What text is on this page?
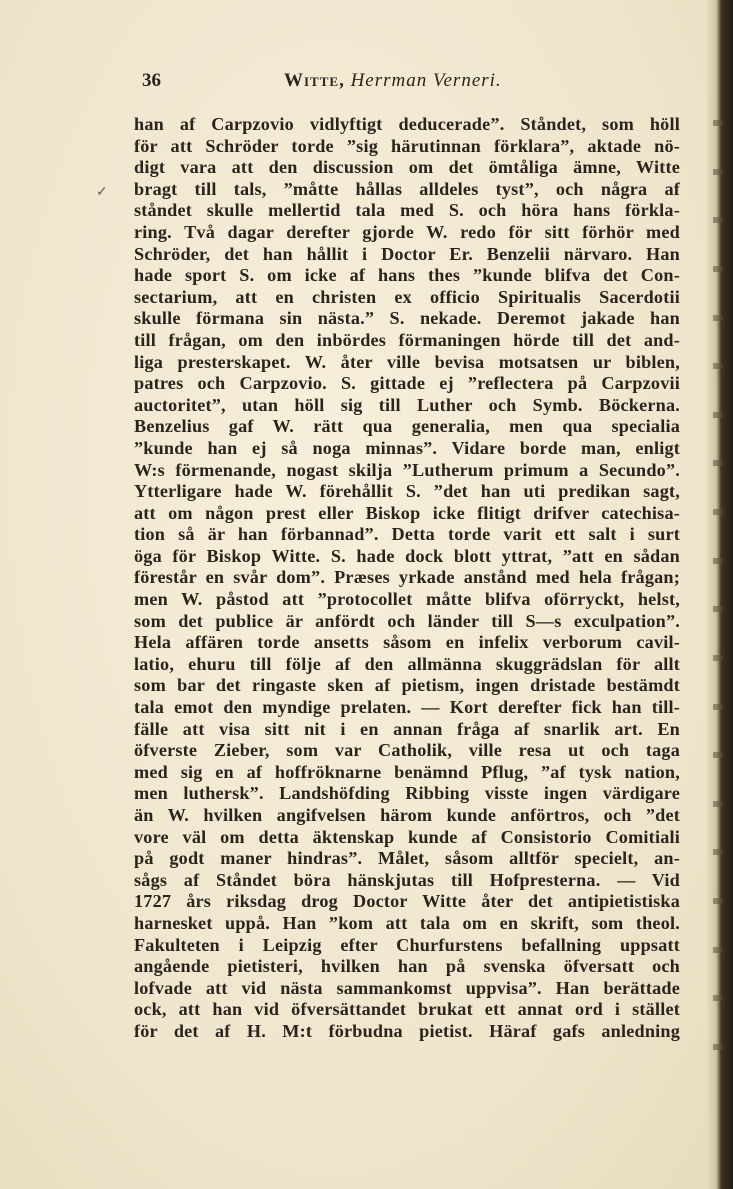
✓
36	Witte, Herrman Verneri.
han af Carpzovio vidlyftigt deducerade”. Ståndet, som höll
för att Schröder torde ”sig härutinnan förklara”, aktade nö-
digt vara att den discussion om det ömtåliga ämne, Witte
bragt till tals, ”måtte hållas alldeles tyst”, och några af
ståndet skulle mellertid tala med S. och höra hans förkla-
ring. Två dagar derefter gjorde W. redo för sitt förhör med
Schröder, det han hållit i Doctor Er. Benzelii närvaro. Han
hade sport S. om icke af hans thes ”kunde blifva det Con-
sectarium, att en christen ex officio Spiritualis Sacerdotii
skulle förmana sin nästa.” S. nekade. Deremot jakade han
till frågan, om den inbördes förmaningen hörde till det and-
liga presterskapet. W. åter ville bevisa motsatsen ur biblen,
patres och Carpzovio. S. gittade ej ”reflectera på Carpzovii
auctoritet”, utan höll sig till Luther och Symb. Böckerna.
Benzelius gaf W. rätt qua generalia, men qua specialia
”kunde han ej så noga minnas”. Vidare borde man, enligt
W:s förmenande, nogast skilja ”Lutherum primum a Secundo”.
Ytterligare hade W. förehållit S. ”det han uti predikan sagt,
att om någon prest eller Biskop icke flitigt drifver catechisa-
tion så är han förbannad”. Detta torde varit ett salt i surt
öga för Biskop Witte. S. hade dock blott yttrat, ”att en sådan
förestår en svår dom”. Præses yrkade anstånd med hela frågan;
men W. påstod att ”protocollet måtte blifva oförryckt, helst,
som det publice är anfördt och länder till S—s exculpation”.
Hela affären torde ansetts såsom en infelix verborum cavil-
latio, ehuru till följe af den allmänna skuggrädslan för allt
som bar det ringaste sken af pietism, ingen dristade bestämdt
tala emot den myndige prelaten. — Kort derefter fick han till-
fälle att visa sitt nit i en annan fråga af snarlik art. En
öfverste Zieber, som var Catholik, ville resa ut och taga
med sig en af hoffröknarne benämnd Pflug, ”af tysk nation,
men luthersk”. Landshöfding Ribbing visste ingen värdigare
än W. hvilken angifvelsen härom kunde anförtros, och ”det
vore väl om detta äktenskap kunde af Consistorio Comitiali
på godt maner hindras”. Målet, såsom alltför specielt, an-
sågs af Ståndet böra hänskjutas till Hofpresterna. — Vid
1727 års riksdag drog Doctor Witte åter det antipietistiska
harnesket uppå. Han ”kom att tala om en skrift, som theol.
Fakulteten i Leipzig efter Churfurstens befallning uppsatt
angående pietisteri, hvilken han på svenska öfversatt och
lofvade att vid nästa sammankomst uppvisa”. Han berättade
ock, att han vid öfversättandet brukat ett annat ord i stället
för det af H. M:t förbudna pietist. Häraf gafs anledning
